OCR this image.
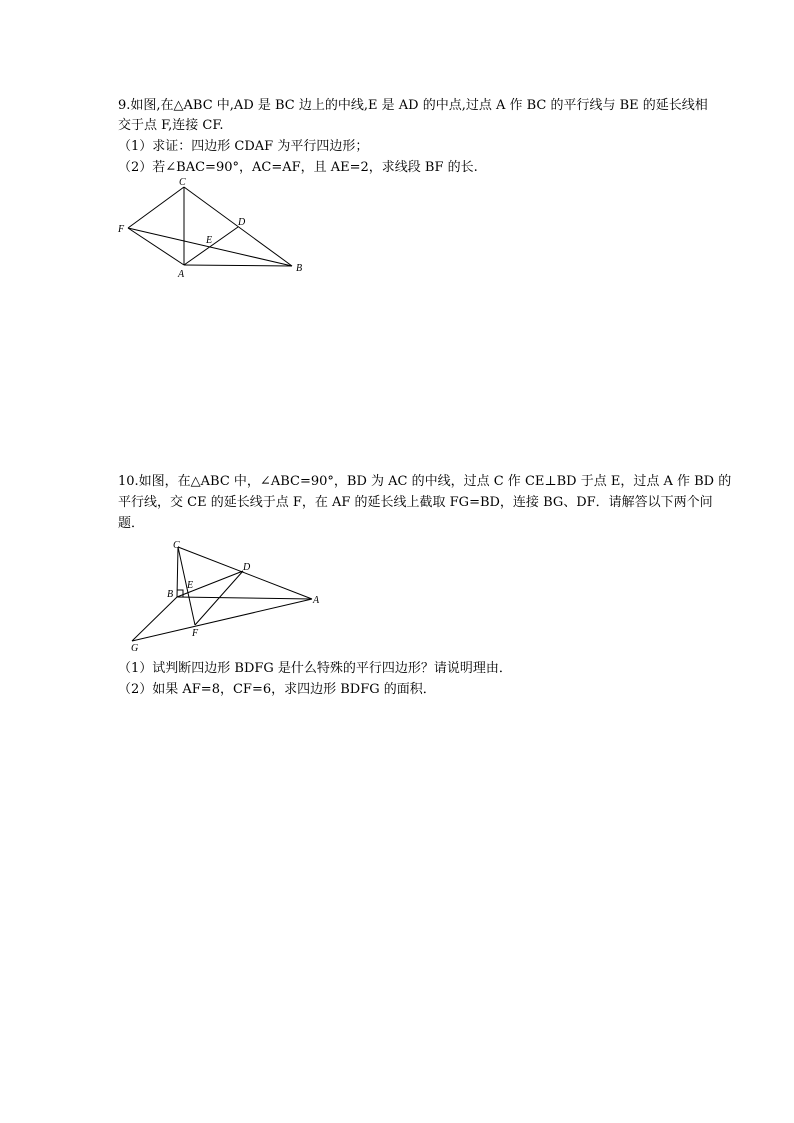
9.如图,在△ABC 中,AD 是 BC 边上的中线,E 是 AD 的中点,过点 A 作 BC 的平行线与 BE 的延长线相
交于点 F,连接 CF.
（1）求证：四边形 CDAF 为平行四边形；
（2）若∠BAC=90°，AC=AF，且 AE=2，求线段 BF 的长.
C
D
F
E
A
B
10.如图，在△ABC 中，∠ABC=90°，BD 为 AC 的中线，过点 C 作 CE⊥BD 于点 E，过点 A 作 BD 的
平行线，交 CE 的延长线于点 F，在 AF 的延长线上截取 FG=BD，连接 BG、DF．请解答以下两个问
题．
C
D
E
B
A
G
F
（1）试判断四边形 BDFG 是什么特殊的平行四边形？请说明理由．
（2）如果 AF=8，CF=6，求四边形 BDFG 的面积．
